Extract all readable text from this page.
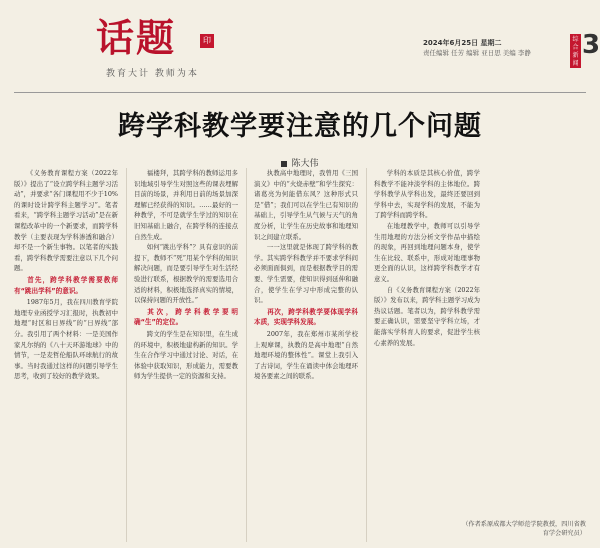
话题	印
教育大计 教师为本
2024年6月25日 星期二
责任编辑 任芳 编辑 亚日思 美编 李静
综合新闻
3
跨学科教学要注意的几个问题
陈大伟

《义务教育课程方案（2022年版）》提出了“设立跨学科主题学习活动”，并要求“各门课程用不少于10%的课时设计跨学科主题学习”。笔者看来，“跨学科主题学习活动”是在新课程改革中的一个新要求，而跨学科教学（主要表现为学科渗透和融合）却不是一个新生事物。以笔者的实践看，跨学科教学需要注意以下几个问题。

首先，跨学科教学需要教师有“跳出学科”的意识。

1987年5月，我在四川教育学院地理专业函授学习汇报时，执教初中地理“时区和日界线”的“日界线”部分。我引用了两个材料：一是美国作家凡尔纳的《八十天环游地球》中的情节，一是麦哲伦船队环球航行的故事。当时我通过这样的问题引导学生思考，收到了较好的教学效果。

福楼拜，其跨学科的教师运用多识地域引导学生对照这些的课表埋解目前的场景，并利用日前的场景加深理解已经获得的知识。……最好的一种教学，不可是就学生学过的知识在旧知基础上融合，在跨学科的连接点自然生成。

如何“跳出学科”？具有意识的前提下，教师不“死”用某个学科的知识解决问题，而是要引导学生对生活经验进行联系，根据教学的需要选用合适的材料，积极地选择真实的情境，以保持问题的开放性。”

其次，跨学科教学要明确“生”的定位。

跨文的学生是在知识里，在生成的环境中，积极地建构新的知识。学生在合作学习中通过讨论、对话，在体验中获取知识，形成能力，需要教师为学生提供一定的资源和支持。

执教高中地理时，我曾用《三国演义》中的“火烧赤壁”和学生探究：诸葛亮为何能借东风？这种形式只是“借”；我们可以在学生已有知识的基础上，引导学生从气候与天气的角度分析，让学生在历史故事和地理知识之间建立联系。

一一这里就是体现了跨学科的教学。其实跨学科教学并不要求学科间必须面面俱到，而是根据教学目的需要、学生需要，使知识得到延伸和融合，使学生在学习中形成完整的认识。

再次，跨学科教学要体现学科本质，实现学科发展。

2007年，我在郑州市某所学校上观摩课，执教的是高中地理“自然地理环境的整体性”。课堂上我引入了古诗词，学生在诵读中体会地理环境各要素之间的联系。

学科的本质是其核心价值，跨学科教学不能冲淡学科的主体地位。跨学科教学从学科出发，最终还要回到学科中去，实现学科的发展，不能为了跨学科而跨学科。

在地理教学中，教师可以引导学生用地理的方法分析文学作品中描绘的现象，再回到地理问题本身，使学生在比较、联系中，形成对地理事物更全面的认识，这样跨学科教学才有意义。

自《义务教育课程方案（2022年版）》发布以来，跨学科主题学习成为热议话题。笔者以为，跨学科教学需要正确认识，需要坚守学科立场，才能落实学科育人的要求，促进学生核心素养的发展。

（作者系原成都大学师范学院教授，四川省教育学会研究员）
